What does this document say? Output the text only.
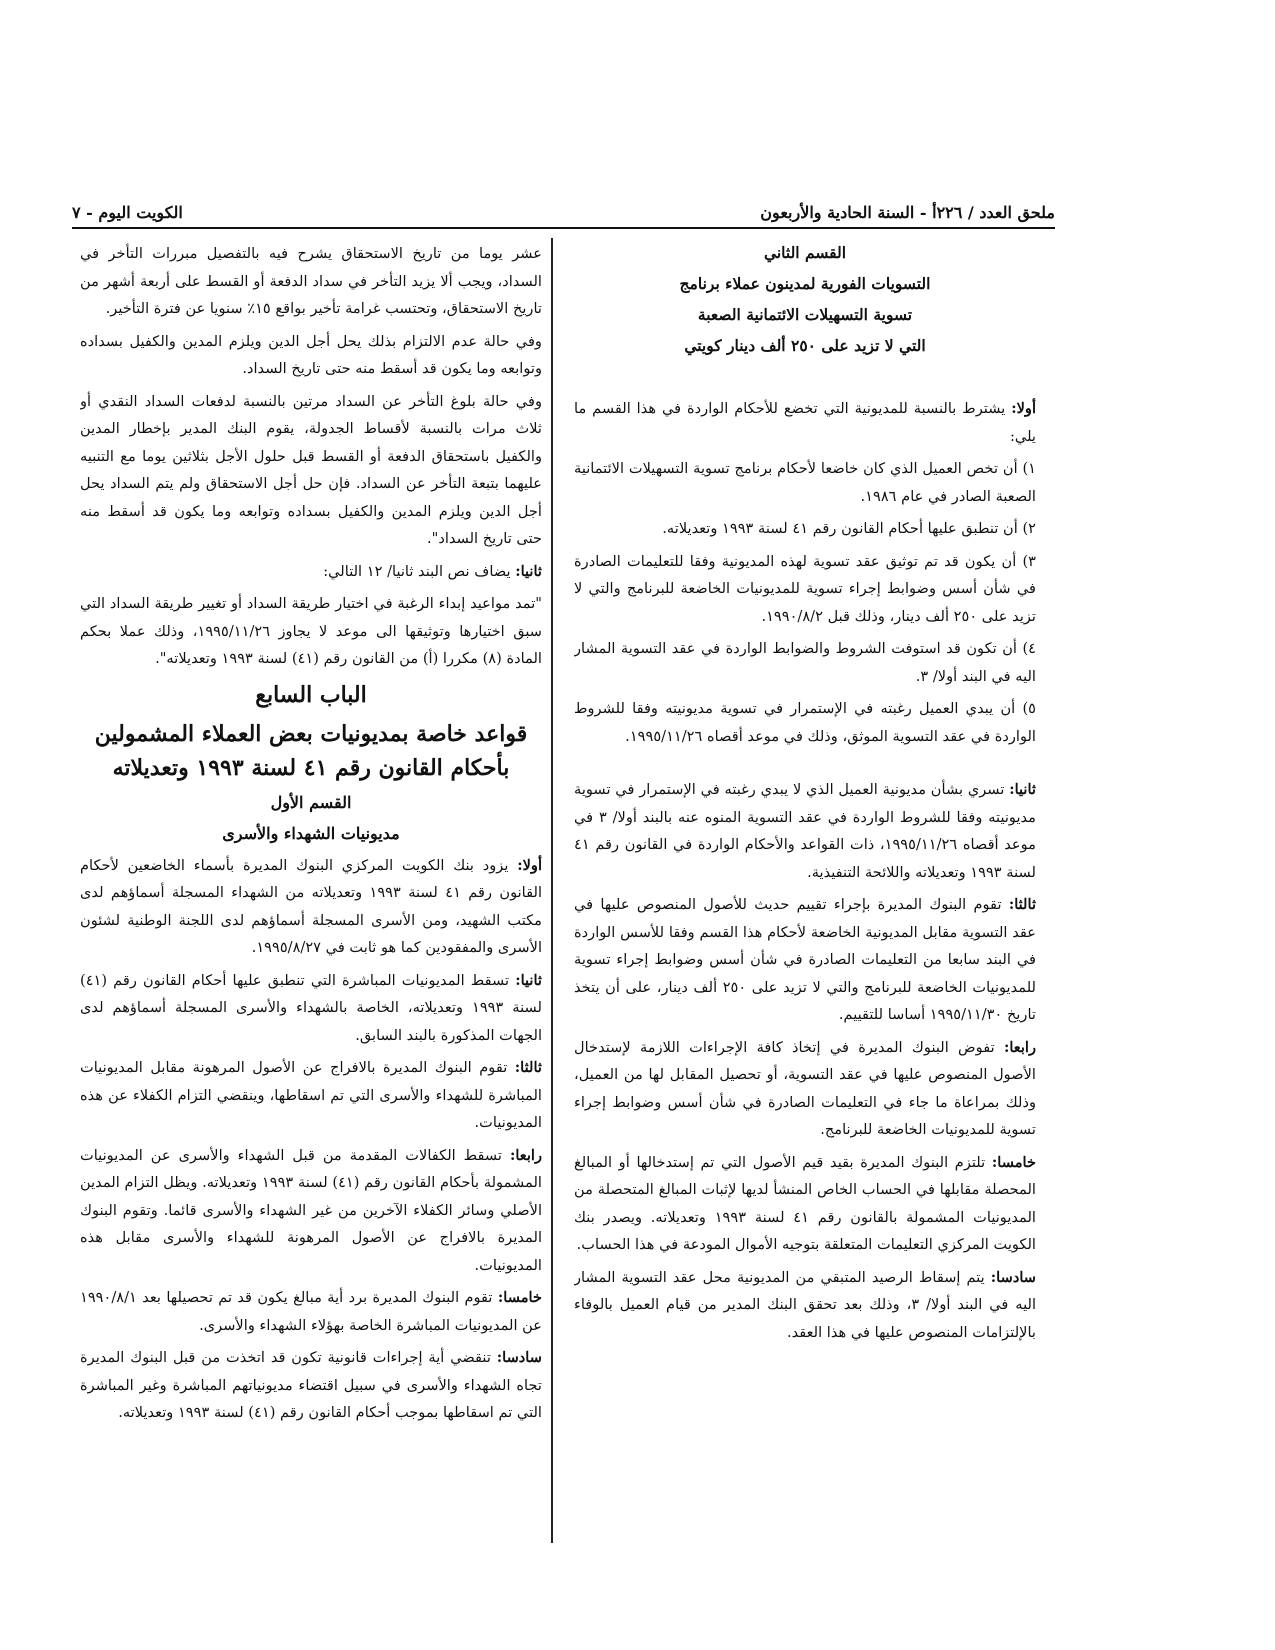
ملحق العدد / ٢٢٦أ - السنة الحادية والأربعون
الكويت اليوم - ٧

القسم الثاني

التسويات الفورية لمدينون عملاء برنامج

تسوية التسهيلات الائتمانية الصعبة

التي لا تزيد على ٢٥٠ ألف دينار كويتي

أولا: يشترط بالنسبة للمديونية التي تخضع للأحكام الواردة في هذا القسم ما يلي:

١) أن تخص العميل الذي كان خاضعا لأحكام برنامج تسوية التسهيلات الائتمانية الصعبة الصادر في عام ١٩٨٦.

٢) أن تنطبق عليها أحكام القانون رقم ٤١ لسنة ١٩٩٣ وتعديلاته.

٣) أن يكون قد تم توثيق عقد تسوية لهذه المديونية وفقا للتعليمات الصادرة في شأن أسس وضوابط إجراء تسوية للمديونيات الخاضعة للبرنامج والتي لا تزيد على ٢٥٠ ألف دينار، وذلك قبل ١٩٩٠/٨/٢.

٤) أن تكون قد استوفت الشروط والضوابط الواردة في عقد التسوية المشار اليه في البند أولا/ ٣.

٥) أن يبدي العميل رغبته في الإستمرار في تسوية مديونيته وفقا للشروط الواردة في عقد التسوية الموثق، وذلك في موعد أقصاه ١٩٩٥/١١/٢٦.

ثانيا: تسري بشأن مديونية العميل الذي لا يبدي رغبته في الإستمرار في تسوية مديونيته وفقا للشروط الواردة في عقد التسوية المنوه عنه بالبند أولا/ ٣ في موعد أقصاه ١٩٩٥/١١/٢٦، ذات القواعد والأحكام الواردة في القانون رقم ٤١ لسنة ١٩٩٣ وتعديلاته واللائحة التنفيذية.

ثالثا: تقوم البنوك المديرة بإجراء تقييم حديث للأصول المنصوص عليها في عقد التسوية مقابل المديونية الخاضعة لأحكام هذا القسم وفقا للأسس الواردة في البند سابعا من التعليمات الصادرة في شأن أسس وضوابط إجراء تسوية للمديونيات الخاضعة للبرنامج والتي لا تزيد على ٢٥٠ ألف دينار، على أن يتخذ تاريخ ١٩٩٥/١١/٣٠ أساسا للتقييم.

رابعا: تفوض البنوك المديرة في إتخاذ كافة الإجراءات اللازمة لإستدخال الأصول المنصوص عليها في عقد التسوية، أو تحصيل المقابل لها من العميل، وذلك بمراعاة ما جاء في التعليمات الصادرة في شأن أسس وضوابط إجراء تسوية للمديونيات الخاضعة للبرنامج.

خامسا: تلتزم البنوك المديرة بقيد قيم الأصول التي تم إستدخالها أو المبالغ المحصلة مقابلها في الحساب الخاص المنشأ لديها لإثبات المبالغ المتحصلة من المديونيات المشمولة بالقانون رقم ٤١ لسنة ١٩٩٣ وتعديلاته. ويصدر بنك الكويت المركزي التعليمات المتعلقة بتوجيه الأموال المودعة في هذا الحساب.

سادسا: يتم إسقاط الرصيد المتبقي من المديونية محل عقد التسوية المشار اليه في البند أولا/ ٣، وذلك بعد تحقق البنك المدير من قيام العميل بالوفاء بالإلتزامات المنصوص عليها في هذا العقد.

عشر يوما من تاريخ الاستحقاق يشرح فيه بالتفصيل مبررات التأخر في السداد، ويجب ألا يزيد التأخر في سداد الدفعة أو القسط على أربعة أشهر من تاريخ الاستحقاق، وتحتسب غرامة تأخير بواقع ١٥٪ سنويا عن فترة التأخير.

وفي حالة عدم الالتزام بذلك يحل أجل الدين ويلزم المدين والكفيل بسداده وتوابعه وما يكون قد أسقط منه حتى تاريخ السداد.

وفي حالة بلوغ التأخر عن السداد مرتين بالنسبة لدفعات السداد النقدي أو ثلاث مرات بالنسبة لأقساط الجدولة، يقوم البنك المدير بإخطار المدين والكفيل باستحقاق الدفعة أو القسط قبل حلول الأجل بثلاثين يوما مع التنبيه عليهما بتبعة التأخر عن السداد. فإن حل أجل الاستحقاق ولم يتم السداد يحل أجل الدين ويلزم المدين والكفيل بسداده وتوابعه وما يكون قد أسقط منه حتى تاريخ السداد".

ثانيا: يضاف نص البند ثانيا/ ١٢ التالي:

"تمد مواعيد إبداء الرغبة في اختيار طريقة السداد أو تغيير طريقة السداد التي سبق اختيارها وتوثيقها الى موعد لا يجاوز ١٩٩٥/١١/٢٦، وذلك عملا بحكم المادة (٨) مكررا (أ) من القانون رقم (٤١) لسنة ١٩٩٣ وتعديلاته".

الباب السابع

قواعد خاصة بمديونيات بعض العملاء المشمولين بأحكام القانون رقم ٤١ لسنة ١٩٩٣ وتعديلاته

القسم الأول

مديونيات الشهداء والأسرى

أولا: يزود بنك الكويت المركزي البنوك المديرة بأسماء الخاضعين لأحكام القانون رقم ٤١ لسنة ١٩٩٣ وتعديلاته من الشهداء المسجلة أسماؤهم لدى مكتب الشهيد، ومن الأسرى المسجلة أسماؤهم لدى اللجنة الوطنية لشئون الأسرى والمفقودين كما هو ثابت في ١٩٩٥/٨/٢٧.

ثانيا: تسقط المديونيات المباشرة التي تنطبق عليها أحكام القانون رقم (٤١) لسنة ١٩٩٣ وتعديلاته، الخاصة بالشهداء والأسرى المسجلة أسماؤهم لدى الجهات المذكورة بالبند السابق.

ثالثا: تقوم البنوك المديرة بالافراج عن الأصول المرهونة مقابل المديونيات المباشرة للشهداء والأسرى التي تم اسقاطها، وينقضي التزام الكفلاء عن هذه المديونيات.

رابعا: تسقط الكفالات المقدمة من قبل الشهداء والأسرى عن المديونيات المشمولة بأحكام القانون رقم (٤١) لسنة ١٩٩٣ وتعديلاته. ويظل التزام المدين الأصلي وسائر الكفلاء الآخرين من غير الشهداء والأسرى قائما. وتقوم البنوك المديرة بالافراج عن الأصول المرهونة للشهداء والأسرى مقابل هذه المديونيات.

خامسا: تقوم البنوك المديرة برد أية مبالغ يكون قد تم تحصيلها بعد ١٩٩٠/٨/١ عن المديونيات المباشرة الخاصة بهؤلاء الشهداء والأسرى.

سادسا: تنقضي أية إجراءات قانونية تكون قد اتخذت من قبل البنوك المديرة تجاه الشهداء والأسرى في سبيل اقتضاء مديونياتهم المباشرة وغير المباشرة التي تم اسقاطها بموجب أحكام القانون رقم (٤١) لسنة ١٩٩٣ وتعديلاته.
